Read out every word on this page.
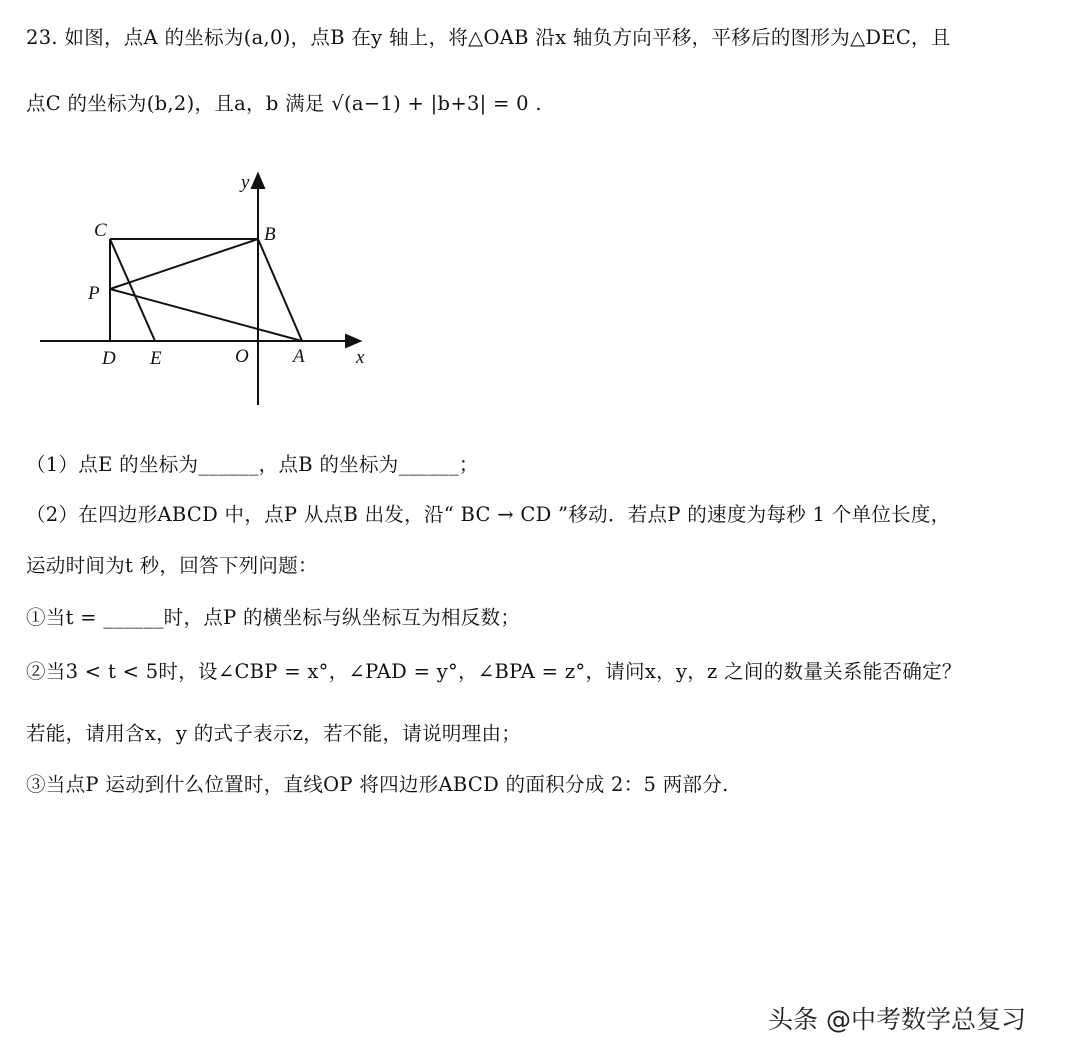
23. 如图，点A 的坐标为(a,0)，点B 在y 轴上，将△OAB 沿x 轴负方向平移，平移后的图形为△DEC，且
点C 的坐标为(b,2)，且a，b 满足 √(a−1) + |b+3| = 0 .
C	B
P
D E	O A	x
y
（1）点E 的坐标为______，点B 的坐标为______；
（2）在四边形ABCD 中，点P 从点B 出发，沿“ BC → CD ”移动．若点P 的速度为每秒 1 个单位长度，
运动时间为t 秒，回答下列问题：
①当t = ______时，点P 的横坐标与纵坐标互为相反数；
②当3 < t < 5时，设∠CBP = x°，∠PAD = y°，∠BPA = z°，请问x，y，z 之间的数量关系能否确定？
若能，请用含x，y 的式子表示z，若不能，请说明理由；
③当点P 运动到什么位置时，直线OP 将四边形ABCD 的面积分成 2：5 两部分.
头条 @中考数学总复习
